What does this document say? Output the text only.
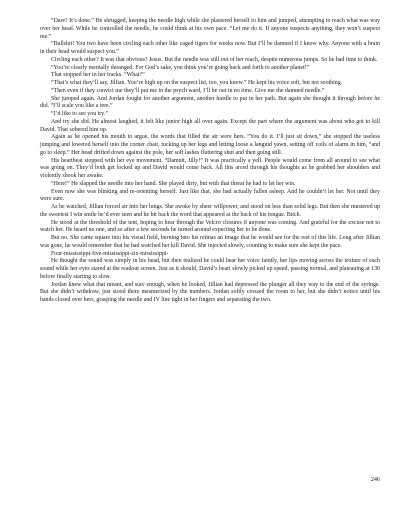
“Dare? It’s done.” He shrugged, keeping the needle high while she plastered herself to him and jumped, attempting to reach what was way over her head. While he controlled the needle, he could think at his own pace. “Let me do it. If anyone suspects anything, they won’t suspect me.”

“Bullshit! You two have been circling each other like caged tigers for weeks now. But I’ll be damned if I know why. Anyone with a brain in their head would suspect you.”

Circling each other? It was that obvious? Jesus. But the needle was still out of her reach, despite numerous jumps. So he had time to think.

“You’re clearly mentally deranged. For God’s sake, you think you’re going back and forth to another planet!”

That stopped her in her tracks. “What?”

“That’s what they’ll say, Jillian. You’re high up on the suspect list, too, you know.” He kept his voice soft, but not soothing.

“Then even if they convict me they’ll put me in the psych ward, I’ll be out in no time. Give me the damned needle.”

She jumped again. And Jordan fought for another argument, another hurdle to put in her path. But again she thought it through before he did. “I’ll scale you like a tree.”

“I’d like to see you try.”

And try she did. He almost laughed, it felt like junior high all over again. Except the part where the argument was about who got to kill David. That sobered him up.

Again as he opened his mouth to argue, the words that filled the air were hers. “You do it. I’ll just sit down,” she stopped the useless jumping and lowered herself into the corner chair, tucking up her legs and letting loose a languid yawn, setting off coils of alarm in him, “and go to sleep.” Her head drifted down against the pole, her soft lashes fluttering shut and then going still.

His heartbeat stopped with her eye movement. “Damnit, Jilly!” It was practically a yell. People would come from all around to see what was going on. They’d both get locked up and David would come back. All this arced through his thoughts as he grabbed her shoulders and violently shook her awake.

“Here!” He slapped the needle into her hand. She played dirty, but with that threat he had to let her win.

Even now she was blinking and re-orienting herself. Just like that, she had actually fallen asleep. And he couldn’t let her. Not until they were sure.

As he watched, Jillian forced air into her lungs. She awoke by sheer willpower, and stood on less than solid legs. But then she mustered up the sweetest I win smile he’d ever seen and he bit back the word that appeared at the back of his tongue. Bitch.

He stood at the threshold of the tent, hoping to hear through the Velcro closures if anyone was coming. And grateful for the excuse not to watch her. He heard no one, and so after a few seconds he turned around expecting her to be done.

But no. She came square into his visual field, burning into his retinas an image that he would see for the rest of this life. Long after Jillian was gone, he would remember that he had watched her kill David. She injected slowly, counting to make sure she kept the pace.

Four-mississippi-five-mississippi-six-mississippi-

He thought the sound was simply in his head, but then realized he could hear her voice faintly, her lips moving across the texture of each sound while her eyes stared at the readout screen. Just as it should, David’s heart slowly picked up speed, passing normal, and plateauing at 130 before finally starting to slow.

Jordan knew what that meant, and sure enough, when he looked, Jillian had depressed the plunger all they way to the end of the syringe. But she didn’t withdraw, just stood there mesmerized by the numbers. Jordan softly crossed the room to her, but she didn’t notice until his hands closed over hers, grasping the needle and IV line tight in her fingers and separating the two.

246
